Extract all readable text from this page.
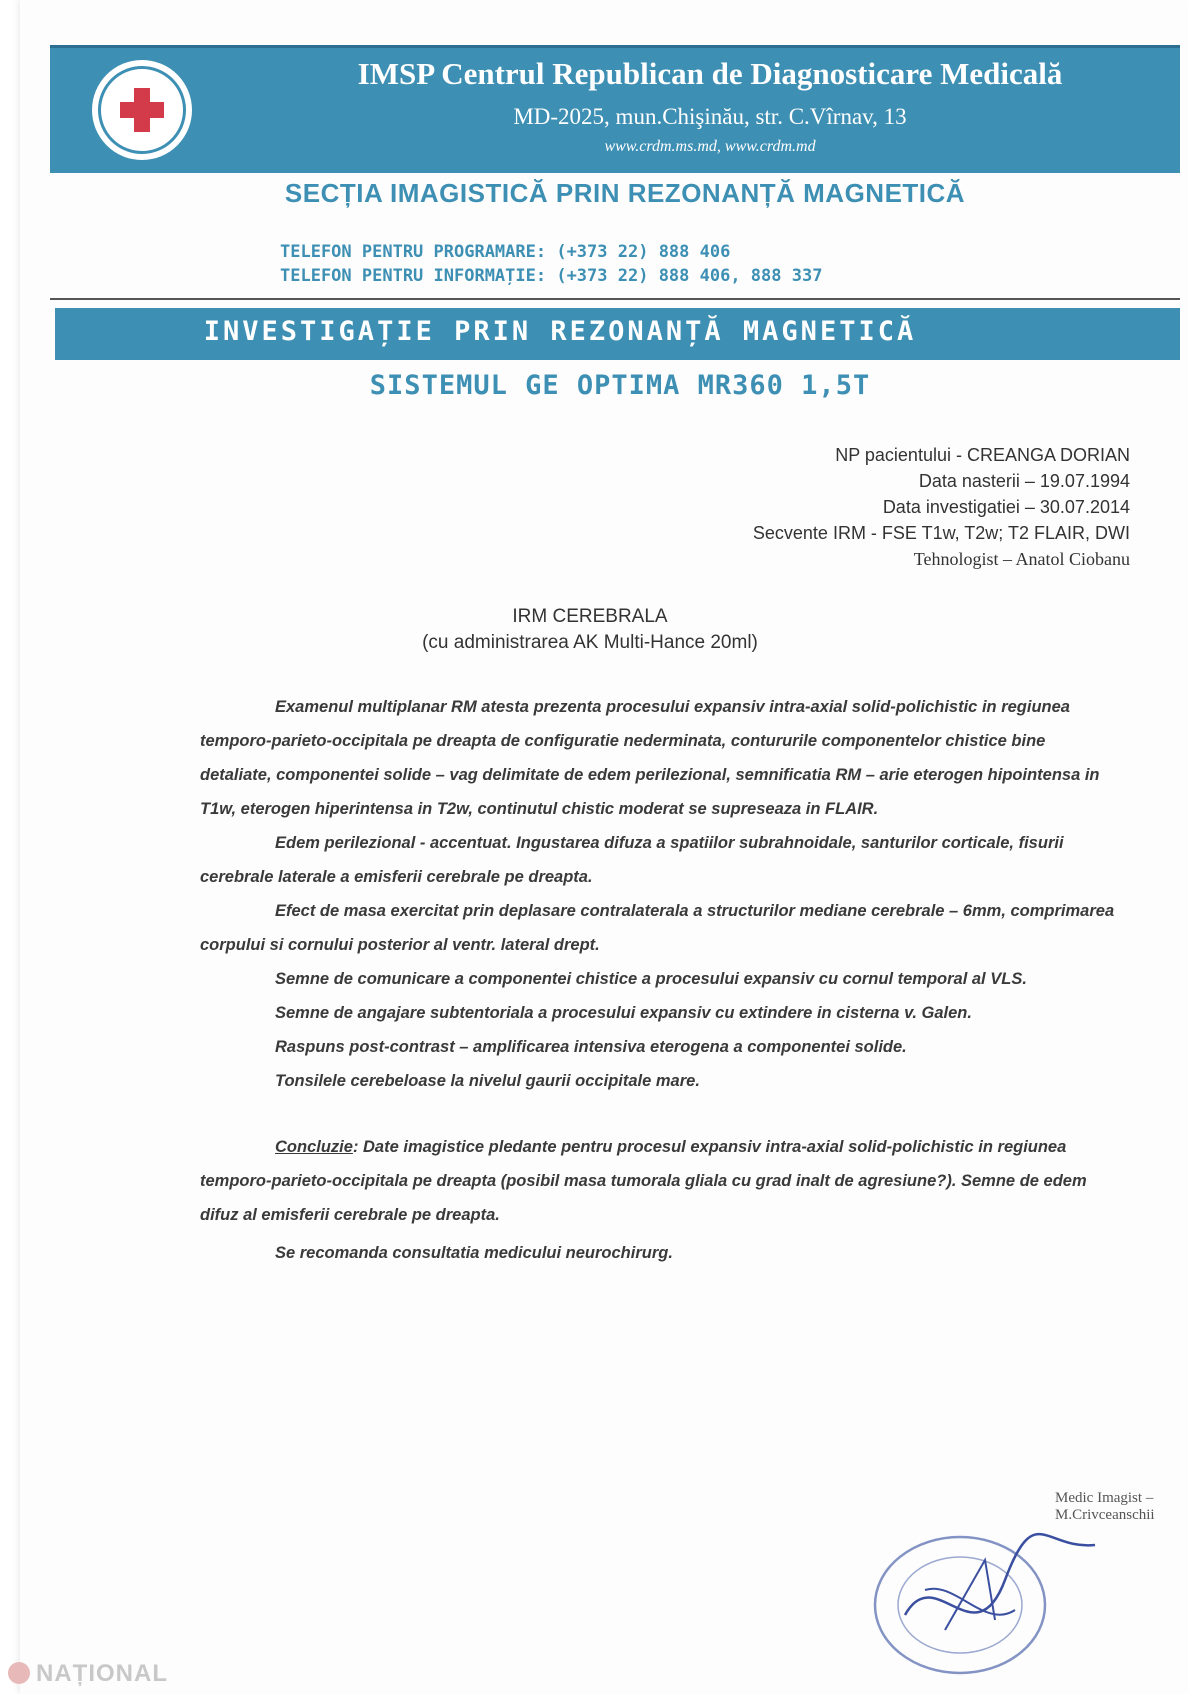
IMSP Centrul Republican de Diagnosticare Medicală
MD-2025, mun.Chişinău, str. C.Vîrnav, 13
www.crdm.ms.md, www.crdm.md
SECȚIA IMAGISTICĂ PRIN REZONANȚĂ MAGNETICĂ
TELEFON PENTRU PROGRAMARE: (+373 22) 888 406
TELEFON PENTRU INFORMAȚIE: (+373 22) 888 406, 888 337
INVESTIGAȚIE PRIN REZONANȚĂ MAGNETICĂ
SISTEMUL GE OPTIMA MR360 1,5T
NP pacientului - CREANGA DORIAN
Data nasterii – 19.07.1994
Data investigatiei – 30.07.2014
Secvente IRM - FSE T1w, T2w; T2 FLAIR, DWI
Tehnologist – Anatol Ciobanu
IRM CEREBRALA
(cu administrarea AK Multi-Hance 20ml)

Examenul multiplanar RM atesta prezenta procesului expansiv intra-axial solid-polichistic in regiunea temporo-parieto-occipitala pe dreapta de configuratie nederminata, contururile componentelor chistice bine detaliate, componentei solide – vag delimitate de edem perilezional, semnificatia RM – arie eterogen hipointensa in T1w, eterogen hiperintensa in T2w, continutul chistic moderat se supreseaza in FLAIR.

Edem perilezional - accentuat. Ingustarea difuza a spatiilor subrahnoidale, santurilor corticale, fisurii cerebrale laterale a emisferii cerebrale pe dreapta.

Efect de masa exercitat prin deplasare contralaterala a structurilor mediane cerebrale – 6mm, comprimarea corpului si cornului posterior al ventr. lateral drept.

Semne de comunicare a componentei chistice a procesului expansiv cu cornul temporal al VLS.

Semne de angajare subtentoriala a procesului expansiv cu extindere in cisterna v. Galen.

Raspuns post-contrast – amplificarea intensiva eterogena a componentei solide.

Tonsilele cerebeloase la nivelul gaurii occipitale mare.

Concluzie: Date imagistice pledante pentru procesul expansiv intra-axial solid-polichistic in regiunea temporo-parieto-occipitala pe dreapta (posibil masa tumorala gliala cu grad inalt de agresiune?). Semne de edem difuz al emisferii cerebrale pe dreapta.

Se recomanda consultatia medicului neurochirurg.

Medic Imagist – M.Crivceanschii
NAȚIONAL
